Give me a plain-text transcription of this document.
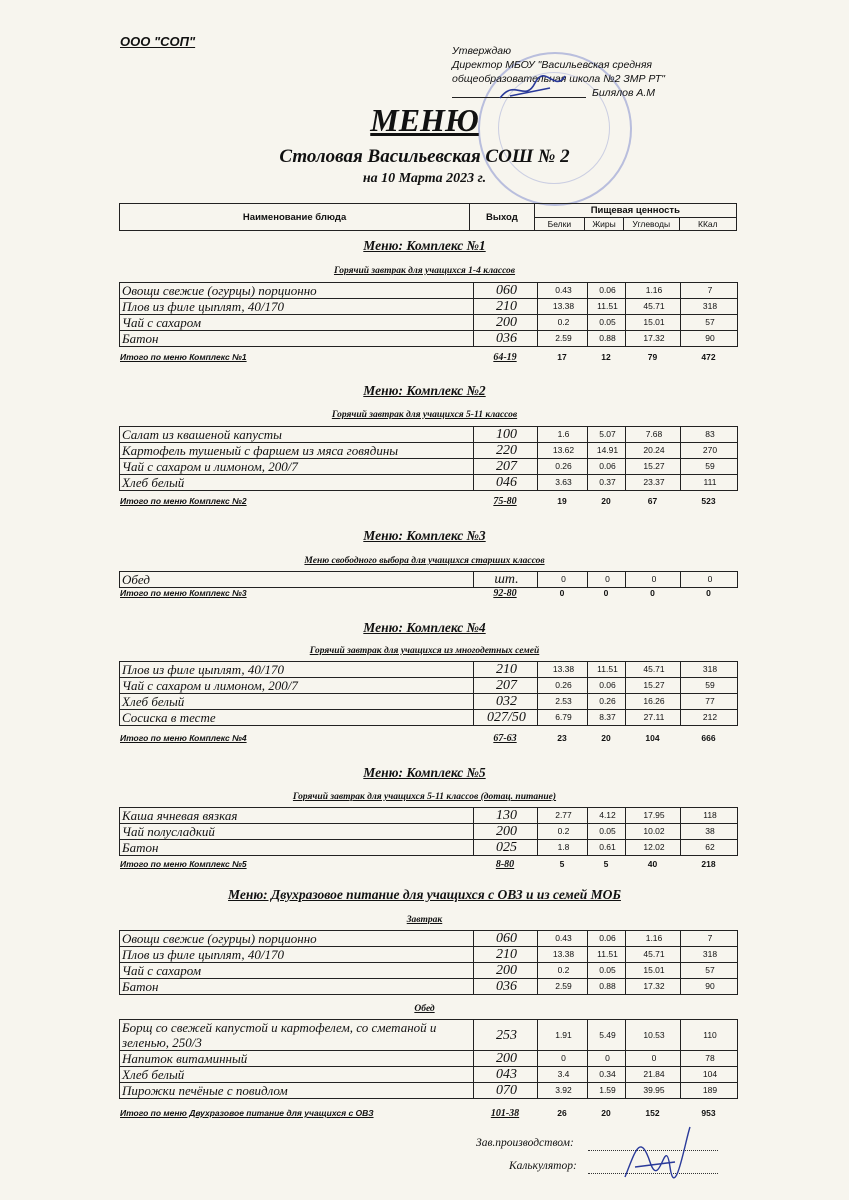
ООО "СОП"
Утверждаю
Директор МБОУ "Васильевская средняя
общеобразовательная школа №2 ЗМР РТ"
Билялов А.М
МЕНЮ
Столовая Васильевская СОШ № 2
на 10 Марта 2023 г.
Наименование блюда	Выход	Пищевая ценность			
		Белки	Жиры	Углеводы	ККал
Меню: Комплекс №1
Горячий завтрак для учащихся 1-4 классов
Овощи свежие (огурцы) порционно	060	0.43	0.06	1.16	7
Плов из филе цыплят, 40/170	210	13.38	11.51	45.71	318
Чай с сахаром	200	0.2	0.05	15.01	57
Батон	036	2.59	0.88	17.32	90
Итого по меню Комплекс №1	64-19	17	12	79	472
Меню: Комплекс №2
Горячий завтрак для учащихся 5-11 классов
Салат из квашеной капусты	100	1.6	5.07	7.68	83
Картофель тушеный с фаршем из мяса говядины	220	13.62	14.91	20.24	270
Чай с сахаром и лимоном, 200/7	207	0.26	0.06	15.27	59
Хлеб белый	046	3.63	0.37	23.37	111
Итого по меню Комплекс №2	75-80	19	20	67	523
Меню: Комплекс №3
Меню свободного выбора для учащихся старших классов
Обед	шт.	0	0	0	0
Итого по меню Комплекс №3	92-80	0	0	0	0
Меню: Комплекс №4
Горячий завтрак для учащихся из многодетных семей
Плов из филе цыплят, 40/170	210	13.38	11.51	45.71	318
Чай с сахаром и лимоном, 200/7	207	0.26	0.06	15.27	59
Хлеб белый	032	2.53	0.26	16.26	77
Сосиска в тесте	027/50	6.79	8.37	27.11	212
Итого по меню Комплекс №4	67-63	23	20	104	666
Меню: Комплекс №5
Горячий завтрак для учащихся 5-11 классов (дотац. питание)
Каша ячневая вязкая	130	2.77	4.12	17.95	118
Чай полусладкий	200	0.2	0.05	10.02	38
Батон	025	1.8	0.61	12.02	62
Итого по меню Комплекс №5	8-80	5	5	40	218
Меню: Двухразовое питание для учащихся с ОВЗ и из семей МОБ
Завтрак
Овощи свежие (огурцы) порционно	060	0.43	0.06	1.16	7
Плов из филе цыплят, 40/170	210	13.38	11.51	45.71	318
Чай с сахаром	200	0.2	0.05	15.01	57
Батон	036	2.59	0.88	17.32	90
Обед
Борщ со свежей капустой и картофелем, со сметаной и зеленью, 250/3	253	1.91	5.49	10.53	110
Напиток витаминный	200	0	0	0	78
Хлеб белый	043	3.4	0.34	21.84	104
Пирожки печёные с повидлом	070	3.92	1.59	39.95	189
Итого по меню Двухразовое питание для учащихся с ОВЗ	101-38	26	20	152	953
Зав.производством:
Калькулятор:
